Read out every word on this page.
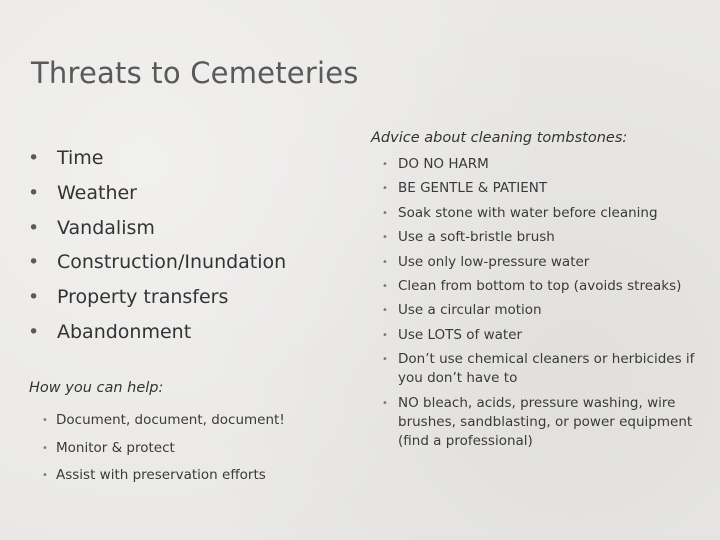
Threats to Cemeteries
• Time
• Weather
• Vandalism
• Construction/Inundation
• Property transfers
• Abandonment
How you can help:
• Document, document, document!
• Monitor & protect
• Assist with preservation efforts
Advice about cleaning tombstones:
• DO NO HARM
• BE GENTLE & PATIENT
• Soak stone with water before cleaning
• Use a soft-bristle brush
• Use only low-pressure water
• Clean from bottom to top (avoids streaks)
• Use a circular motion
• Use LOTS of water
• Don’t use chemical cleaners or herbicides if you don’t have to
• NO bleach, acids, pressure washing, wire brushes, sandblasting, or power equipment (find a professional)
